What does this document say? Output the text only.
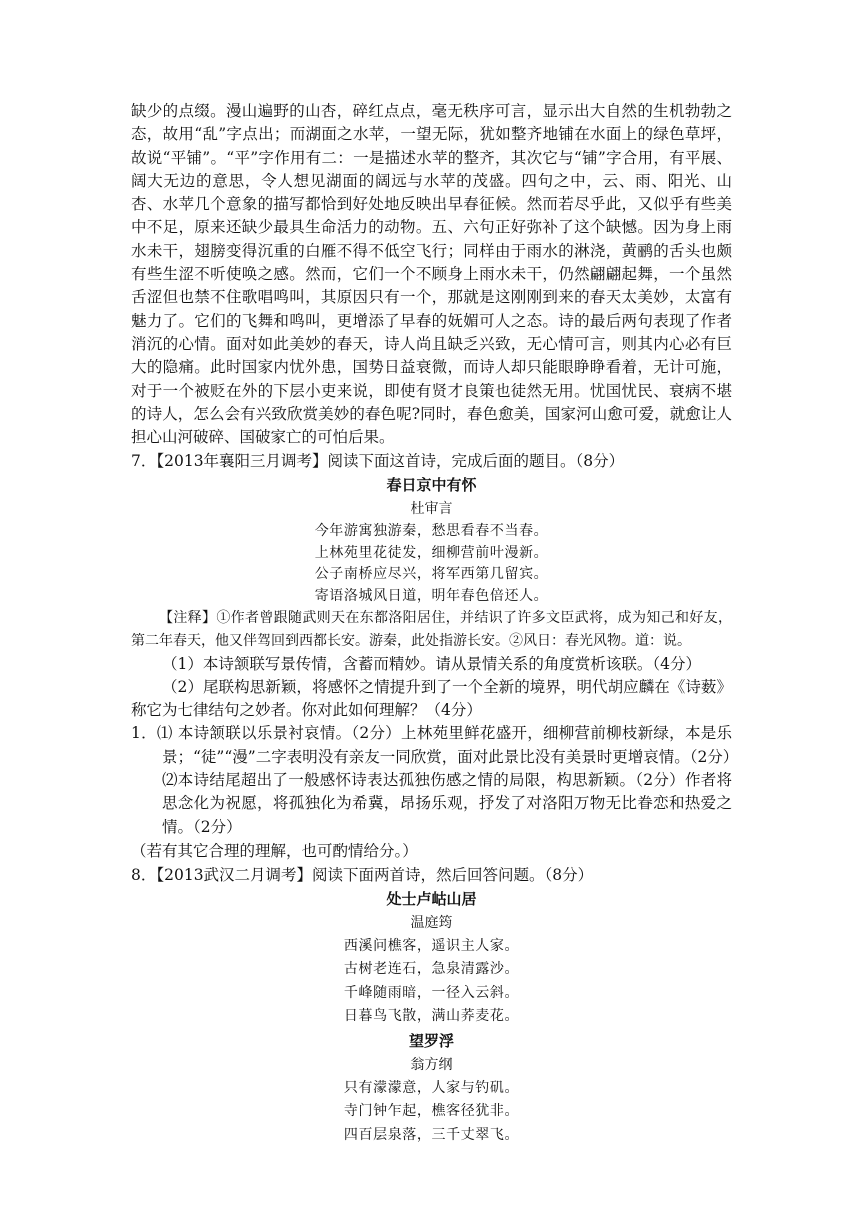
缺少的点缀。漫山遍野的山杏，碎红点点，毫无秩序可言，显示出大自然的生机勃勃之态，故用“乱”字点出；而湖面之水苹，一望无际，犹如整齐地铺在水面上的绿色草坪，故说“平铺”。“平”字作用有二：一是描述水苹的整齐，其次它与“铺”字合用，有平展、阔大无边的意思，令人想见湖面的阔远与水苹的茂盛。四句之中，云、雨、阳光、山杏、水苹几个意象的描写都恰到好处地反映出早春征候。然而若尽乎此，又似乎有些美中不足，原来还缺少最具生命活力的动物。五、六句正好弥补了这个缺憾。因为身上雨水未干，翅膀变得沉重的白雁不得不低空飞行；同样由于雨水的淋浇，黄鹂的舌头也颇有些生涩不听使唤之感。然而，它们一个不顾身上雨水未干，仍然翩翩起舞，一个虽然舌涩但也禁不住歌唱鸣叫，其原因只有一个，那就是这刚刚到来的春天太美妙，太富有魅力了。它们的飞舞和鸣叫，更增添了早春的妩媚可人之态。诗的最后两句表现了作者消沉的心情。面对如此美妙的春天，诗人尚且缺乏兴致，无心情可言，则其内心必有巨大的隐痛。此时国家内忧外患，国势日益衰微，而诗人却只能眼睁睁看着，无计可施，对于一个被贬在外的下层小吏来说，即使有贤才良策也徒然无用。忧国忧民、衰病不堪的诗人，怎么会有兴致欣赏美妙的春色呢?同时，春色愈美，国家河山愈可爱，就愈让人担心山河破碎、国破家亡的可怕后果。

7．【2013年襄阳三月调考】阅读下面这首诗，完成后面的题目。（8分）

春日京中有怀

杜审言

今年游寓独游秦，愁思看春不当春。

上林苑里花徒发，细柳营前叶漫新。

公子南桥应尽兴，将军西第几留宾。

寄语洛城风日道，明年春色倍还人。

【注释】①作者曾跟随武则天在东都洛阳居住，并结识了许多文臣武将，成为知己和好友，第二年春天，他又伴驾回到西都长安。游秦，此处指游长安。②风日：春光风物。道：说。

（1）本诗颔联写景传情，含蓄而精妙。请从景情关系的角度赏析该联。（4分）

（2）尾联构思新颖，将感怀之情提升到了一个全新的境界，明代胡应麟在《诗薮》称它为七律结句之妙者。你对此如何理解？（4分）

1．⑴ 本诗颔联以乐景衬哀情。（2分）上林苑里鲜花盛开，细柳营前柳枝新绿，本是乐景；“徒”“漫”二字表明没有亲友一同欣赏，面对此景比没有美景时更增哀情。（2分）

⑵本诗结尾超出了一般感怀诗表达孤独伤感之情的局限，构思新颖。（2分）作者将思念化为祝愿，将孤独化为希冀，昂扬乐观，抒发了对洛阳万物无比眷恋和热爱之情。（2分）

（若有其它合理的理解，也可酌情给分。）

8．【2013武汉二月调考】阅读下面两首诗，然后回答问题。（8分）

处士卢岵山居

温庭筠

西溪问樵客，遥识主人家。

古树老连石，急泉清露沙。

千峰随雨暗，一径入云斜。

日暮鸟飞散，满山荞麦花。

望罗浮

翁方纲

只有濛濛意，人家与钓矶。

寺门钟乍起，樵客径犹非。

四百层泉落，三千丈翠飞。
